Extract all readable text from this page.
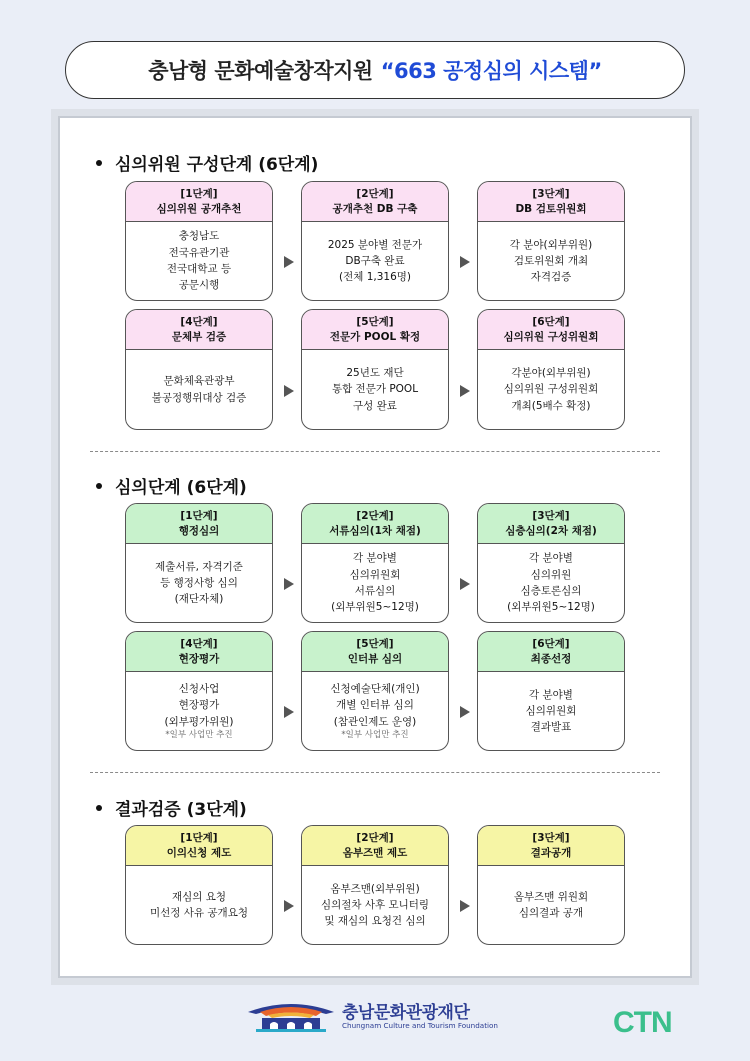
충남형 문화예술창작지원 “663 공정심의 시스템”
심의위원 구성단계 (6단계)
[1단계]
심의위원 공개추천
충청남도
전국유관기관
전국대학교 등
공문시행
[2단계]
공개추천 DB 구축
2025 분야별 전문가
DB구축 완료
(전체 1,316명)
[3단계]
DB 검토위원회
각 분야(외부위원)
검토위원회 개최
자격검증
[4단계]
문체부 검증
문화체육관광부
불공정행위대상 검증
[5단계]
전문가 POOL 확정
25년도 재단
통합 전문가 POOL
구성 완료
[6단계]
심의위원 구성위원회
각분야(외부위원)
심의위원 구성위원회
개최(5배수 확정)
심의단계 (6단계)
[1단계]
행정심의
제출서류, 자격기준
등 행정사항 심의
(재단자체)
[2단계]
서류심의(1차 채점)
각 분야별
심의위원회
서류심의
(외부위원5~12명)
[3단계]
심층심의(2차 채점)
각 분야별
심의위원
심층토론심의
(외부위원5~12명)
[4단계]
현장평가
신청사업
현장평가
(외부평가위원)
*일부 사업만 추진
[5단계]
인터뷰 심의
신청예술단체(개인)
개별 인터뷰 심의
(참관인제도 운영)
*일부 사업만 추진
[6단계]
최종선정
각 분야별
심의위원회
결과발표
결과검증 (3단계)
[1단계]
이의신청 제도
재심의 요청
미선정 사유 공개요청
[2단계]
옴부즈맨 제도
옴부즈맨(외부위원)
심의절차 사후 모니터링
및 재심의 요청건 심의
[3단계]
결과공개
옴부즈맨 위원회
심의결과 공개
충남문화관광재단
Chungnam Culture and Tourism Foundation	CTN
